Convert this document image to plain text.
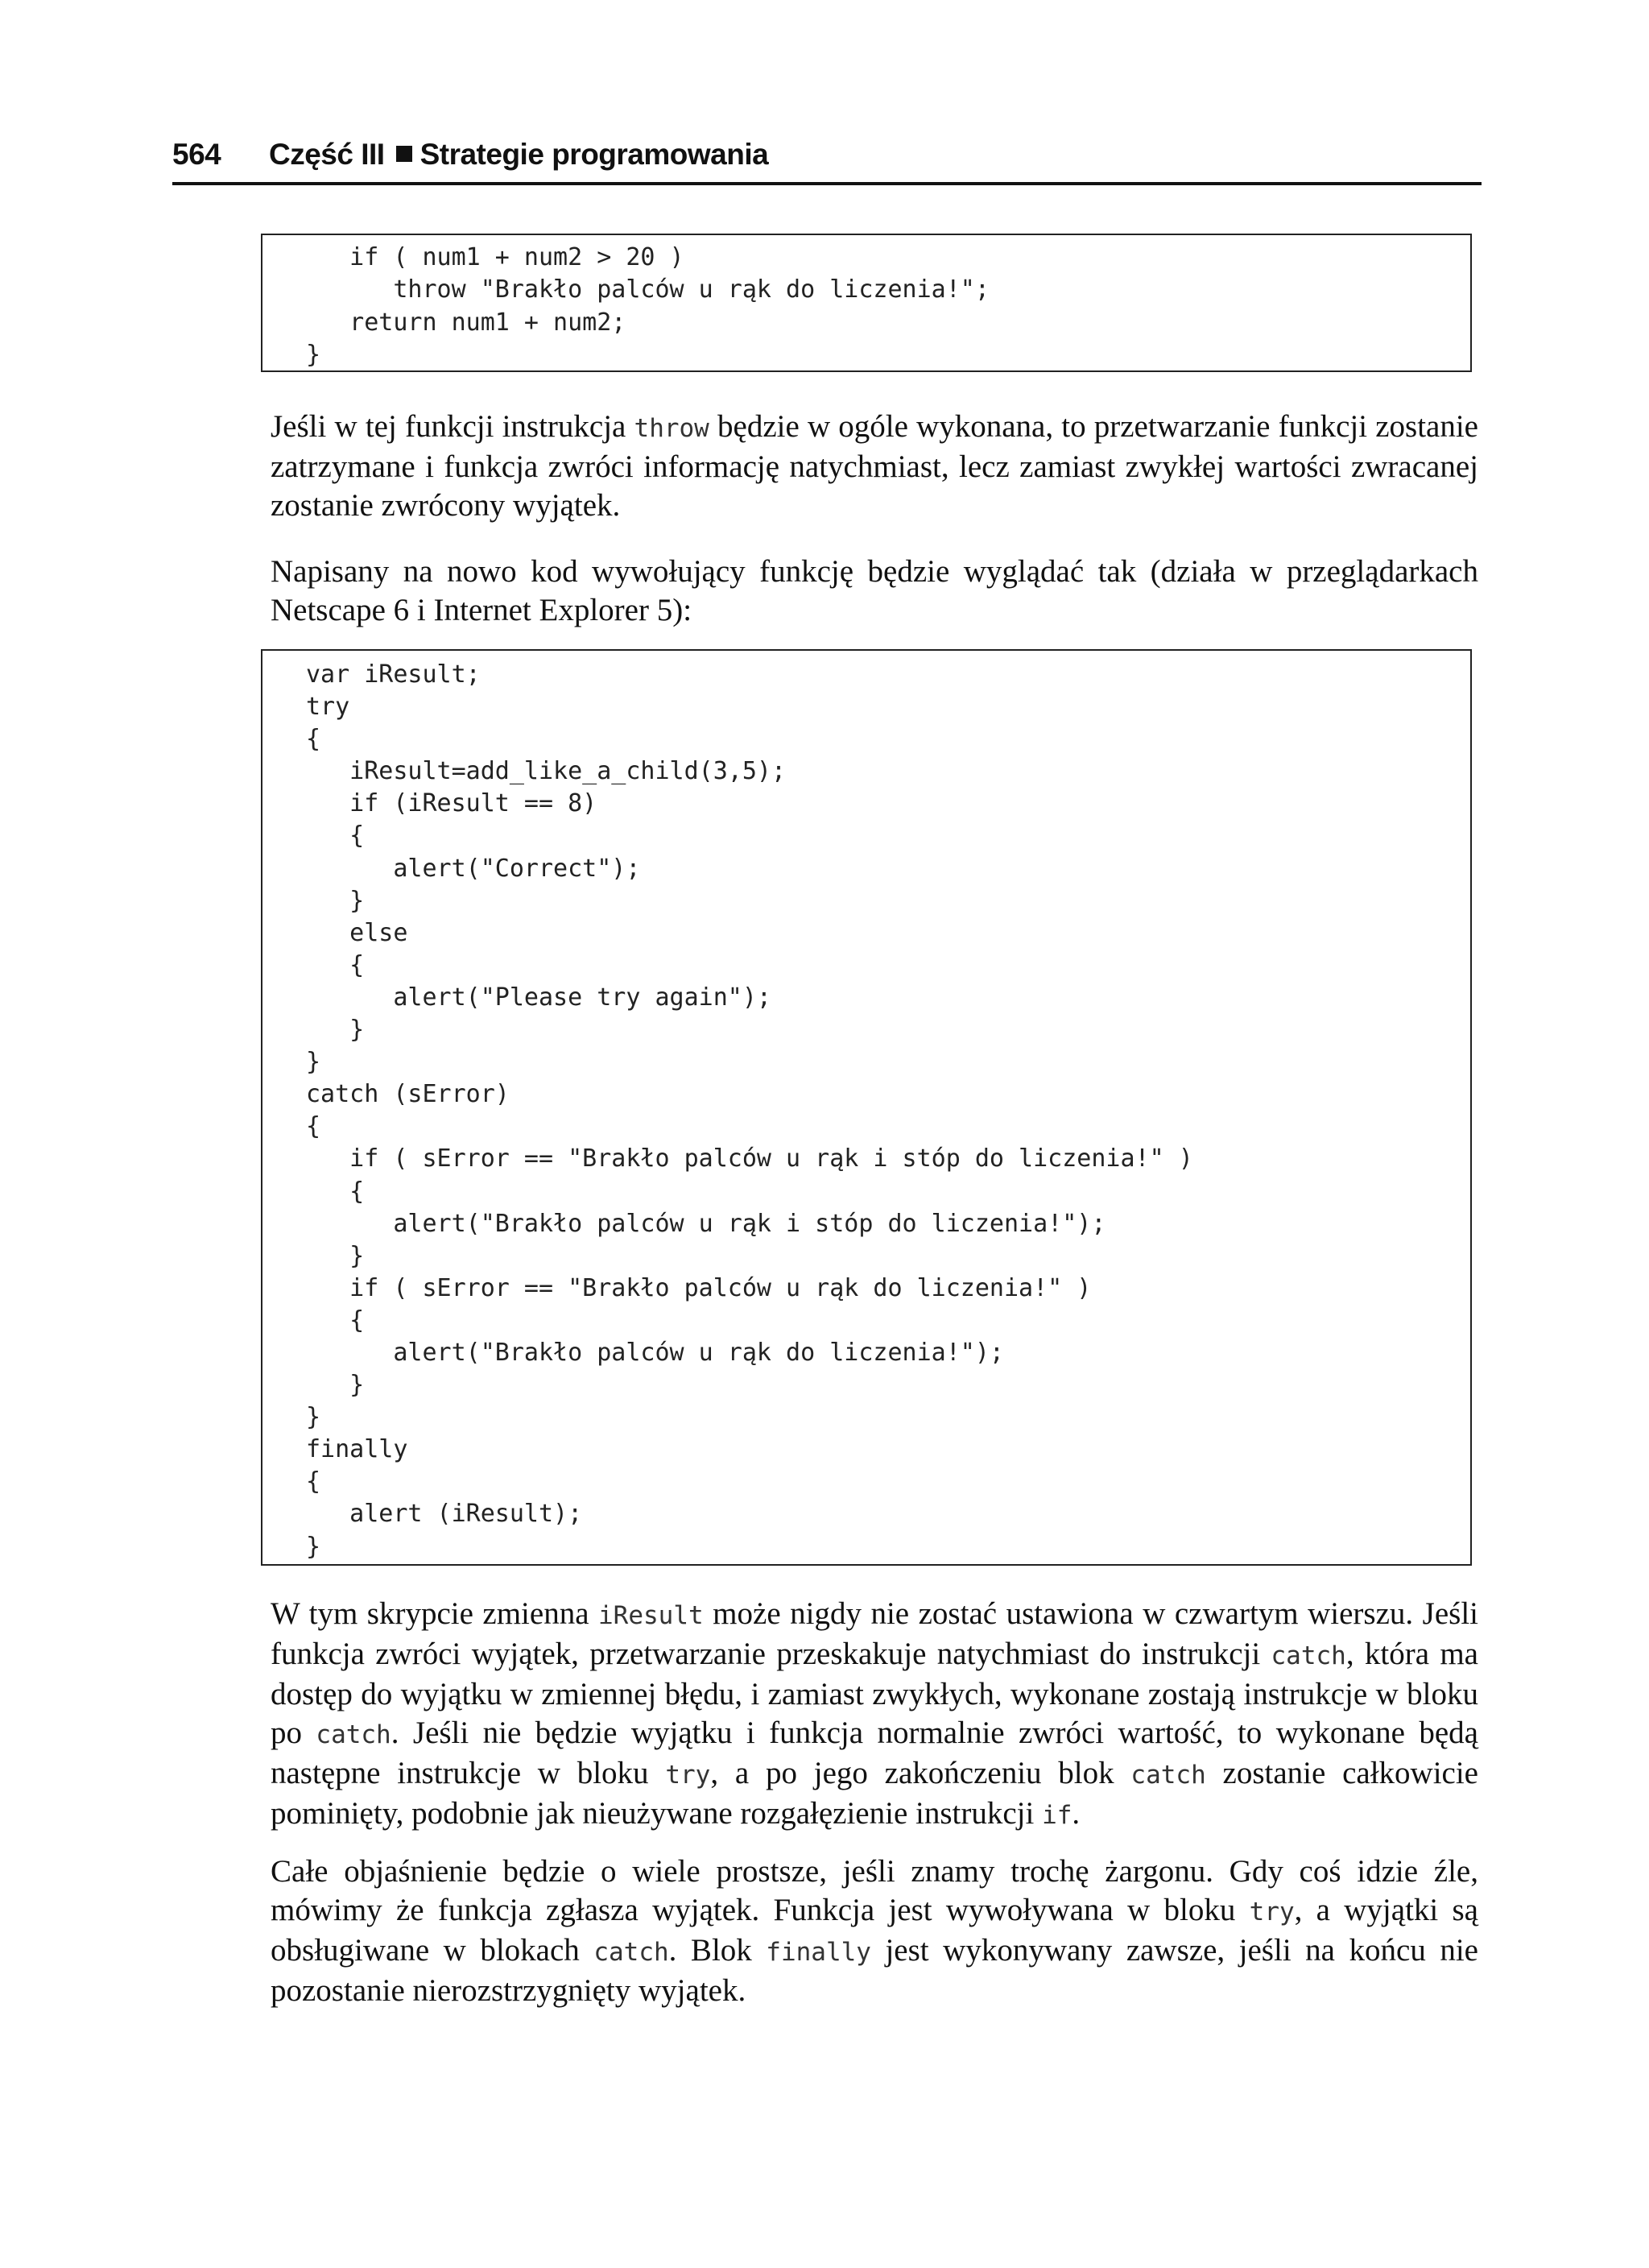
564 Część III Strategie programowania
if ( num1 + num2 > 20 )
throw "Brakło palców u rąk do liczenia!";
return num1 + num2;
}

Jeśli w tej funkcji instrukcja throw będzie w ogóle wykonana, to przetwarzanie funkcji zostanie zatrzymane i funkcja zwróci informację natychmiast, lecz zamiast zwykłej wartości zwracanej zostanie zwrócony wyjątek.

Napisany na nowo kod wywołujący funkcję będzie wyglądać tak (działa w przeglądarkach Netscape 6 i Internet Explorer 5):

var iResult;
try
{
iResult=add_like_a_child(3,5);
if (iResult == 8)
{
alert("Correct");
}
else
{
alert("Please try again");
}
}
catch (sError)
{
if ( sError == "Brakło palców u rąk i stóp do liczenia!" )
{
alert("Brakło palców u rąk i stóp do liczenia!");
}
if ( sError == "Brakło palców u rąk do liczenia!" )
{
alert("Brakło palców u rąk do liczenia!");
}
}
finally
{
alert (iResult);
}

W tym skrypcie zmienna iResult może nigdy nie zostać ustawiona w czwartym wierszu. Jeśli funkcja zwróci wyjątek, przetwarzanie przeskakuje natychmiast do instrukcji catch, która ma dostęp do wyjątku w zmiennej błędu, i zamiast zwykłych, wykonane zostają instrukcje w bloku po catch. Jeśli nie będzie wyjątku i funkcja normalnie zwróci wartość, to wykonane będą następne instrukcje w bloku try, a po jego zakończeniu blok catch zostanie całkowicie pominięty, podobnie jak nieużywane rozgałęzienie instrukcji if.

Całe objaśnienie będzie o wiele prostsze, jeśli znamy trochę żargonu. Gdy coś idzie źle, mówimy że funkcja zgłasza wyjątek. Funkcja jest wywoływana w bloku try, a wyjątki są obsługiwane w blokach catch. Blok finally jest wykonywany zawsze, jeśli na końcu nie pozostanie nierozstrzygnięty wyjątek.
